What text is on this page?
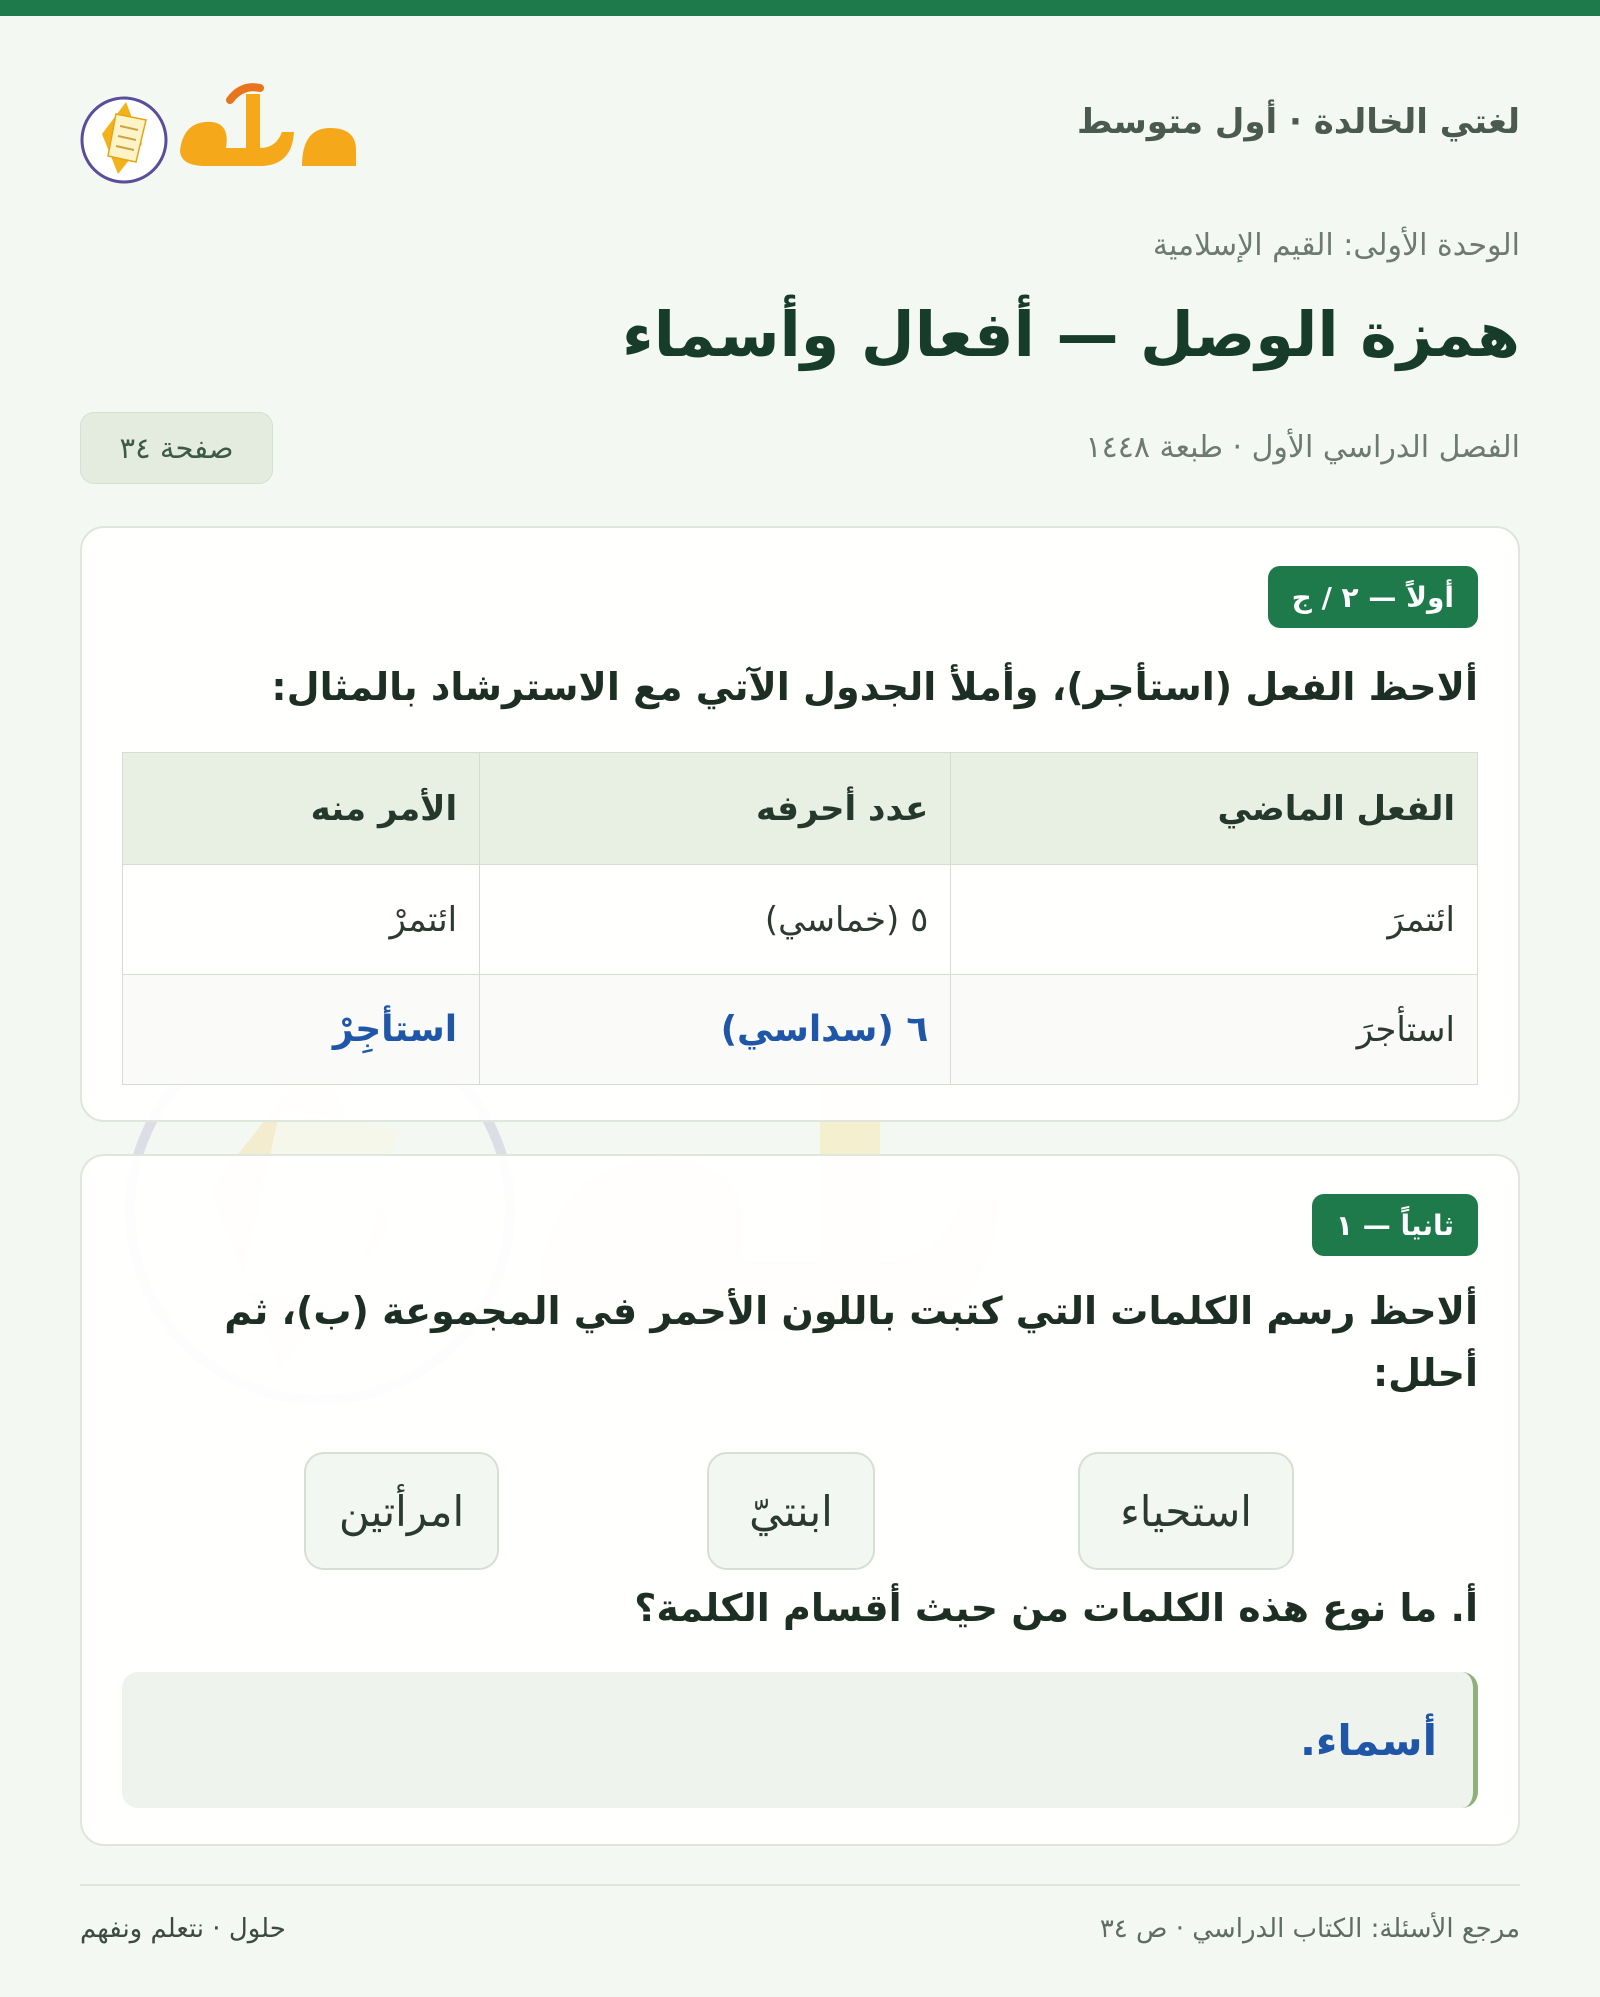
لغتي الخالدة · أول متوسط
الوحدة الأولى: القيم الإسلامية
همزة الوصل — أفعال وأسماء
الفصل الدراسي الأول · طبعة ١٤٤٨
صفحة ٣٤
أولاً — ٢ / ج
ألاحظ الفعل (استأجر)، وأملأ الجدول الآتي مع الاسترشاد بالمثال:
الفعل الماضي	عدد أحرفه	الأمر منه
ائتمرَ	٥ (خماسي)	ائتمرْ
استأجرَ	٦ (سداسي)	استأجِرْ
ثانياً — ١
ألاحظ رسم الكلمات التي كتبت باللون الأحمر في المجموعة (ب)، ثم أحلل:
استحياء
ابنتيّ
امرأتين
أ. ما نوع هذه الكلمات من حيث أقسام الكلمة؟
أسماء.
مرجع الأسئلة: الكتاب الدراسي · ص ٣٤
حلول · نتعلم ونفهم
